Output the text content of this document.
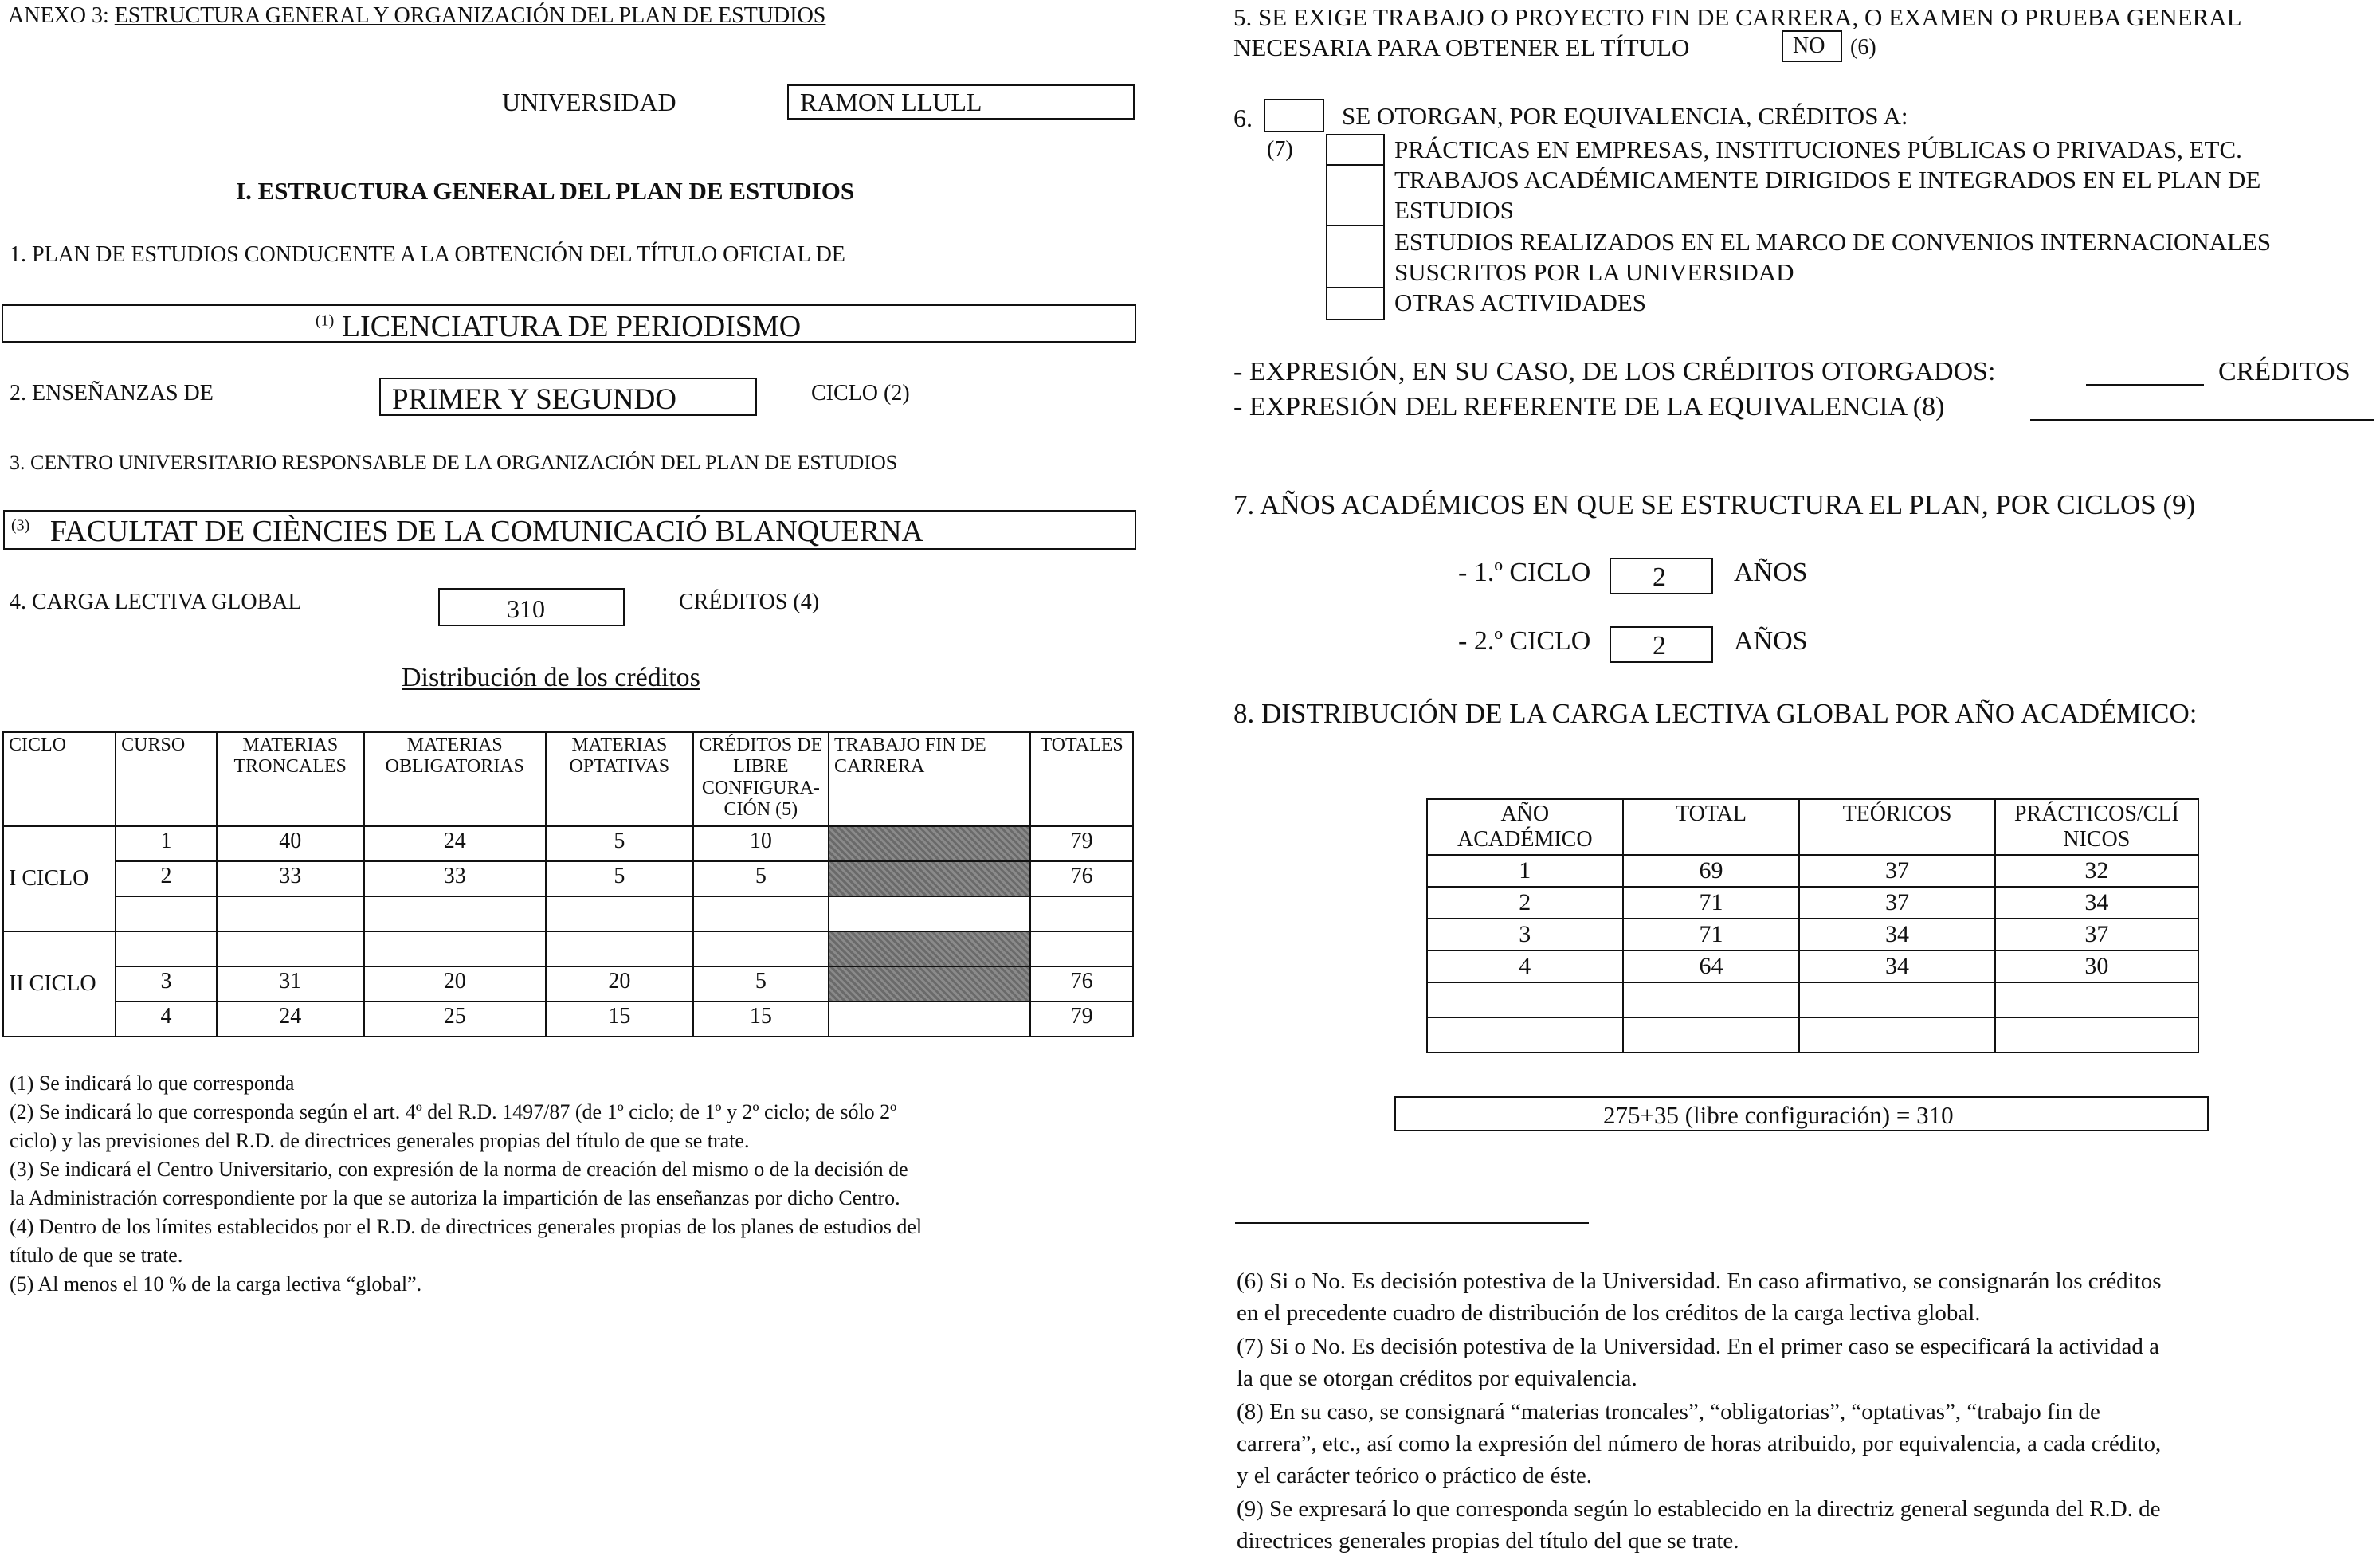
ANEXO 3: ESTRUCTURA GENERAL Y ORGANIZACIÓN DEL PLAN DE ESTUDIOS
UNIVERSIDAD	RAMON LLULL
I. ESTRUCTURA GENERAL DEL PLAN DE ESTUDIOS
1. PLAN DE ESTUDIOS CONDUCENTE A LA OBTENCIÓN DEL TÍTULO OFICIAL DE
$^{(1)}$ LICENCIATURA DE PERIODISMO
2. ENSEÑANZAS DE	PRIMER Y SEGUNDO	CICLO (2)
3. CENTRO UNIVERSITARIO RESPONSABLE DE LA ORGANIZACIÓN DEL PLAN DE ESTUDIOS
$^{(3)}$ FACULTAT DE CIÈNCIES DE LA COMUNICACIÓ BLANQUERNA
4. CARGA LECTIVA GLOBAL	310	CRÉDITOS (4)
Distribución de los créditos
CICLO	CURSO	MATERIAS TRONCALES	MATERIAS OBLIGATORIAS	MATERIAS OPTATIVAS	CRÉDITOS DE LIBRE CONFIGURA-CIÓN (5)	TRABAJO FIN DE CARRERA	TOTALES
I CICLO	1	40	24	5	10		79
	2	33	33	5	5		76

II CICLO							
	3	31	20	20	5		76
	4	24	25	15	15		79
(1) Se indicará lo que corresponda
(2) Se indicará lo que corresponda según el art. 4º del R.D. 1497/87 (de 1º ciclo; de 1º y 2º ciclo; de sólo 2º
ciclo) y las previsiones del R.D. de directrices generales propias del título de que se trate.
(3) Se indicará el Centro Universitario, con expresión de la norma de creación del mismo o de la decisión de
la Administración correspondiente por la que se autoriza la impartición de las enseñanzas por dicho Centro.
(4) Dentro de los límites establecidos por el R.D. de directrices generales propias de los planes de estudios del
título de que se trate.
(5) Al menos el 10 % de la carga lectiva “global”.
5. SE EXIGE TRABAJO O PROYECTO FIN DE CARRERA, O EXAMEN O PRUEBA GENERAL
NECESARIA PARA OBTENER EL TÍTULO	NO (6)
6.	SE OTORGAN, POR EQUIVALENCIA, CRÉDITOS A:
(7)	PRÁCTICAS EN EMPRESAS, INSTITUCIONES PÚBLICAS O PRIVADAS, ETC.
TRABAJOS ACADÉMICAMENTE DIRIGIDOS E INTEGRADOS EN EL PLAN DE
ESTUDIOS
ESTUDIOS REALIZADOS EN EL MARCO DE CONVENIOS INTERNACIONALES
SUSCRITOS POR LA UNIVERSIDAD
OTRAS ACTIVIDADES
- EXPRESIÓN, EN SU CASO, DE LOS CRÉDITOS OTORGADOS:	CRÉDITOS
- EXPRESIÓN DEL REFERENTE DE LA EQUIVALENCIA (8)
7. AÑOS ACADÉMICOS EN QUE SE ESTRUCTURA EL PLAN, POR CICLOS (9)
- 1.º CICLO 2	AÑOS
- 2.º CICLO 2	AÑOS
8. DISTRIBUCIÓN DE LA CARGA LECTIVA GLOBAL POR AÑO ACADÉMICO:
AÑO ACADÉMICO	TOTAL	TEÓRICOS	PRÁCTICOS/CLÍ NICOS
1	69	37	32
2	71	37	34
3	71	34	37
4	64	34	30

275+35 (libre configuración) = 310
(6) Si o No. Es decisión potestiva de la Universidad. En caso afirmativo, se consignarán los créditos
en el precedente cuadro de distribución de los créditos de la carga lectiva global.
(7) Si o No. Es decisión potestiva de la Universidad. En el primer caso se especificará la actividad a
la que se otorgan créditos por equivalencia.
(8) En su caso, se consignará “materias troncales”, “obligatorias”, “optativas”, “trabajo fin de
carrera”, etc., así como la expresión del número de horas atribuido, por equivalencia, a cada crédito,
y el carácter teórico o práctico de éste.
(9) Se expresará lo que corresponda según lo establecido en la directriz general segunda del R.D. de
directrices generales propias del título del que se trate.
